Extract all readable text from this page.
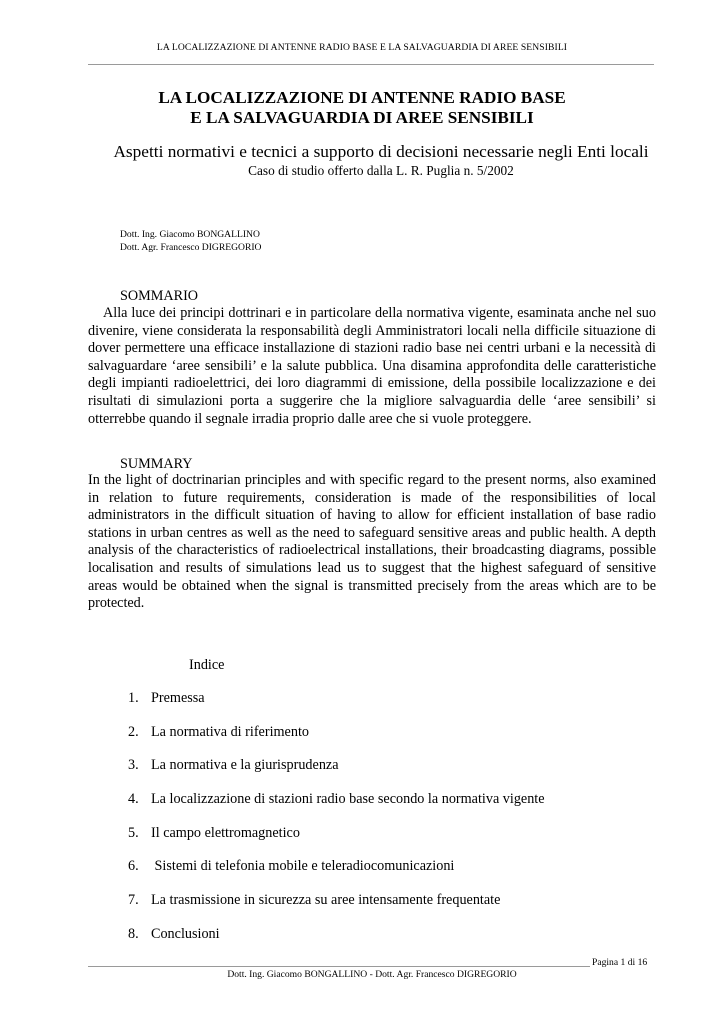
LA LOCALIZZAZIONE DI ANTENNE RADIO BASE E LA SALVAGUARDIA DI AREE SENSIBILI
LA LOCALIZZAZIONE DI ANTENNE RADIO BASE
E LA SALVAGUARDIA DI AREE SENSIBILI
Aspetti normativi e tecnici a supporto di decisioni necessarie negli Enti locali
Caso di studio offerto dalla L. R. Puglia n. 5/2002
Dott. Ing. Giacomo BONGALLINO
Dott. Agr. Francesco DIGREGORIO
SOMMARIO

Alla luce dei principi dottrinari e in particolare della normativa vigente, esaminata anche nel suo divenire, viene considerata la responsabilità degli Amministratori locali nella difficile situazione di dover permettere una efficace installazione di stazioni radio base nei centri urbani e la necessità di salvaguardare ‘aree sensibili’ e la salute pubblica. Una disamina approfondita delle caratteristiche degli impianti radioelettrici, dei loro diagrammi di emissione, della possibile localizzazione e dei risultati di simulazioni porta a suggerire che la migliore salvaguardia delle ‘aree sensibili’ si otterrebbe quando il segnale irradia proprio dalle aree che si vuole proteggere.

SUMMARY

In the light of doctrinarian principles and with specific regard to the present norms, also examined in relation to future requirements, consideration is made of the responsibilities of local administrators in the difficult situation of having to allow for efficient installation of base radio stations in urban centres as well as the need to safeguard sensitive areas and public health. A depth analysis of the characteristics of radioelectrical installations, their broadcasting diagrams, possible localisation and results of simulations lead us to suggest that the highest safeguard of sensitive areas would be obtained when the signal is transmitted precisely from the areas which are to be protected.

Indice
1. Premessa
2. La normativa di riferimento
3. La normativa e la giurisprudenza
4. La localizzazione di stazioni radio base secondo la normativa vigente
5. Il campo elettromagnetico
6. Sistemi di telefonia mobile e teleradiocomunicazioni
7. La trasmissione in sicurezza su aree intensamente frequentate
8. Conclusioni
Pagina 1 di 16
Dott. Ing. Giacomo BONGALLINO - Dott. Agr. Francesco DIGREGORIO
